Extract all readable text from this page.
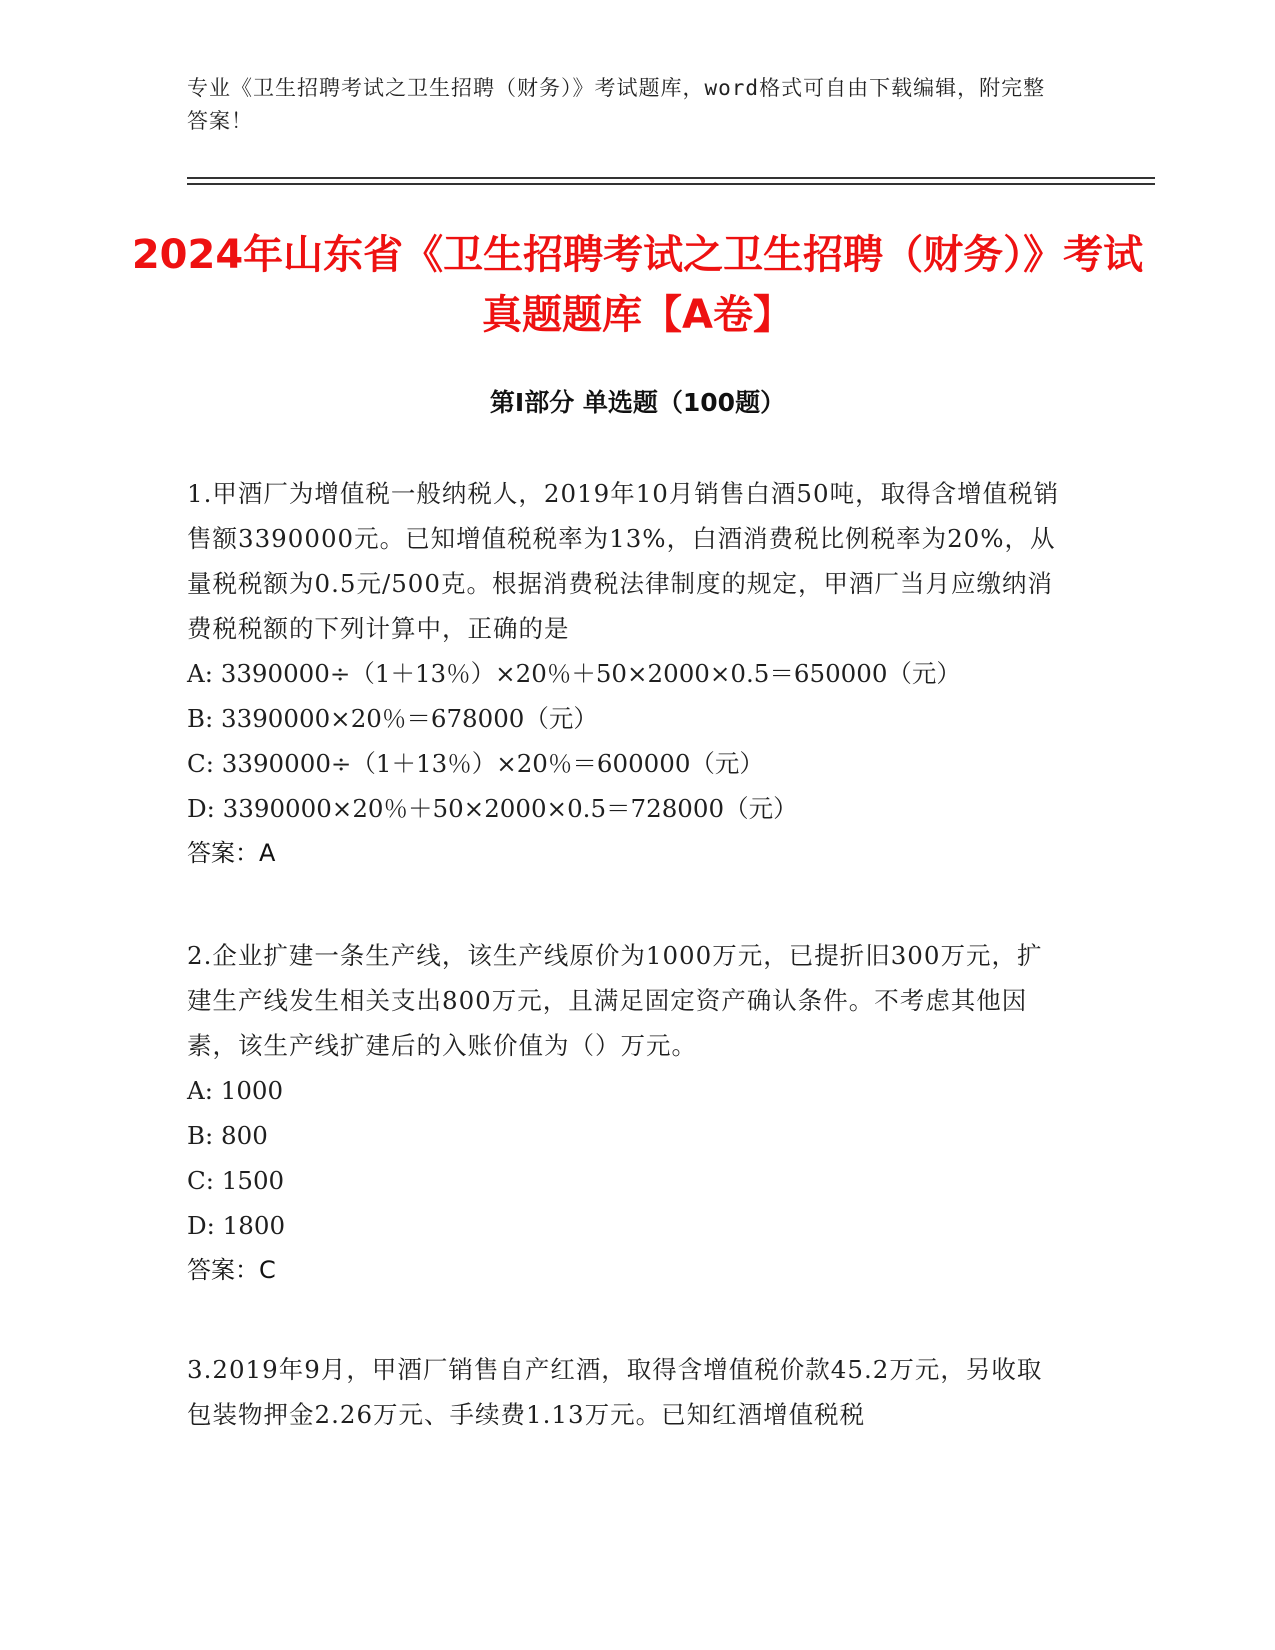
专业《卫生招聘考试之卫生招聘（财务）》考试题库，word格式可自由下载编辑，附完整答案！
2024年山东省《卫生招聘考试之卫生招聘（财务）》考试真题题库【A卷】
第I部分 单选题（100题）

1.甲酒厂为增值税一般纳税人，2019年10月销售白酒50吨，取得含增值税销售额3390000元。已知增值税税率为13%，白酒消费税比例税率为20%，从量税税额为0.5元/500克。根据消费税法律制度的规定，甲酒厂当月应缴纳消费税税额的下列计算中，正确的是

A: 3390000÷（1＋13％）×20％＋50×2000×0.5＝650000（元）

B: 3390000×20％＝678000（元）

C: 3390000÷（1＋13％）×20％＝600000（元）

D: 3390000×20％＋50×2000×0.5＝728000（元）

答案：A

2.企业扩建一条生产线，该生产线原价为1000万元，已提折旧300万元，扩建生产线发生相关支出800万元，且满足固定资产确认条件。不考虑其他因素，该生产线扩建后的入账价值为（）万元。

A: 1000

B: 800

C: 1500

D: 1800

答案：C

3.2019年9月，甲酒厂销售自产红酒，取得含增值税价款45.2万元，另收取包装物押金2.26万元、手续费1.13万元。已知红酒增值税税
